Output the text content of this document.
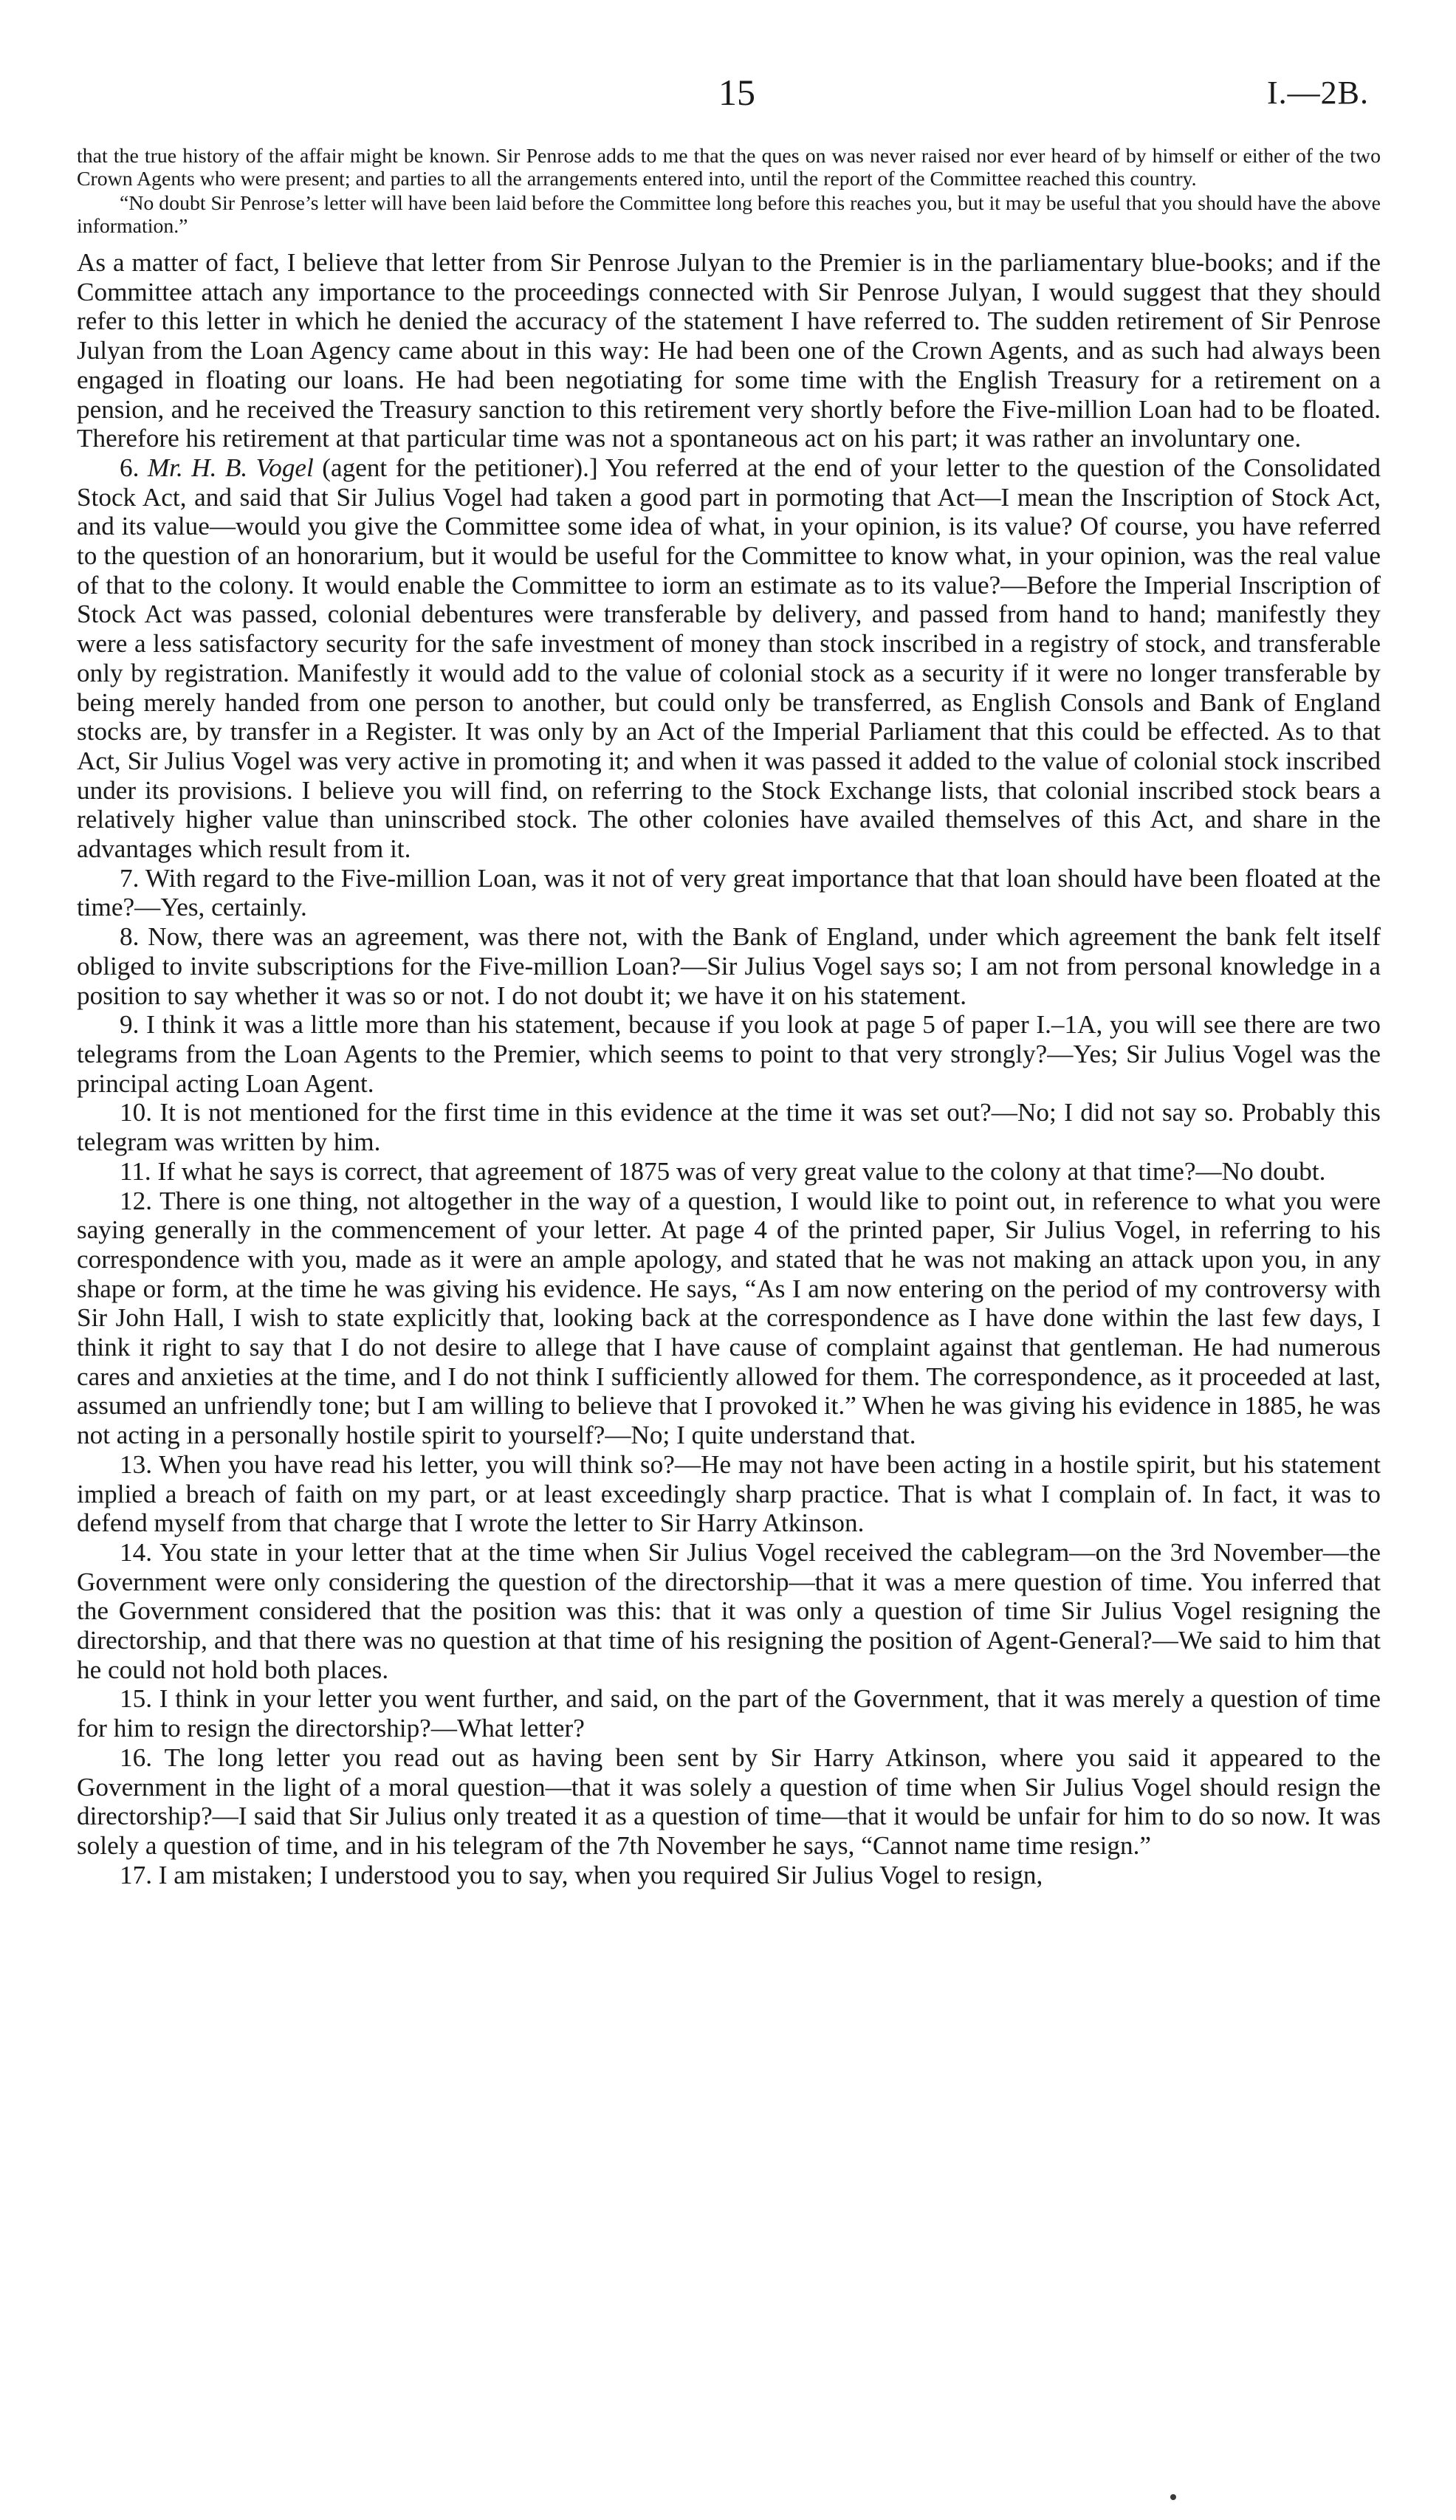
15	I.—2B.

that the true history of the affair might be known. Sir Penrose adds to me that the ques on was never raised nor ever heard of by himself or either of the two Crown Agents who were present; and parties to all the arrangements entered into, until the report of the Committee reached this country.

“No doubt Sir Penrose’s letter will have been laid before the Committee long before this reaches you, but it may be useful that you should have the above information.”

As a matter of fact, I believe that letter from Sir Penrose Julyan to the Premier is in the parliamentary blue-books; and if the Committee attach any importance to the proceedings connected with Sir Penrose Julyan, I would suggest that they should refer to this letter in which he denied the accuracy of the statement I have referred to. The sudden retirement of Sir Penrose Julyan from the Loan Agency came about in this way: He had been one of the Crown Agents, and as such had always been engaged in floating our loans. He had been negotiating for some time with the English Treasury for a retirement on a pension, and he received the Treasury sanction to this retirement very shortly before the Five-million Loan had to be floated. Therefore his retirement at that particular time was not a spontaneous act on his part; it was rather an involuntary one.

6. Mr. H. B. Vogel (agent for the petitioner).] You referred at the end of your letter to the question of the Consolidated Stock Act, and said that Sir Julius Vogel had taken a good part in pormoting that Act—I mean the Inscription of Stock Act, and its value—would you give the Committee some idea of what, in your opinion, is its value? Of course, you have referred to the question of an honorarium, but it would be useful for the Committee to know what, in your opinion, was the real value of that to the colony. It would enable the Committee to iorm an estimate as to its value?—Before the Imperial Inscription of Stock Act was passed, colonial debentures were transferable by delivery, and passed from hand to hand; manifestly they were a less satisfactory security for the safe investment of money than stock inscribed in a registry of stock, and transferable only by registration. Manifestly it would add to the value of colonial stock as a security if it were no longer transferable by being merely handed from one person to another, but could only be transferred, as English Consols and Bank of England stocks are, by transfer in a Register. It was only by an Act of the Imperial Parliament that this could be effected. As to that Act, Sir Julius Vogel was very active in promoting it; and when it was passed it added to the value of colonial stock inscribed under its provisions. I believe you will find, on referring to the Stock Exchange lists, that colonial inscribed stock bears a relatively higher value than uninscribed stock. The other colonies have availed themselves of this Act, and share in the advantages which result from it.

7. With regard to the Five-million Loan, was it not of very great importance that that loan should have been floated at the time?—Yes, certainly.

8. Now, there was an agreement, was there not, with the Bank of England, under which agreement the bank felt itself obliged to invite subscriptions for the Five-million Loan?—Sir Julius Vogel says so; I am not from personal knowledge in a position to say whether it was so or not. I do not doubt it; we have it on his statement.

9. I think it was a little more than his statement, because if you look at page 5 of paper I.–1A, you will see there are two telegrams from the Loan Agents to the Premier, which seems to point to that very strongly?—Yes; Sir Julius Vogel was the principal acting Loan Agent.

10. It is not mentioned for the first time in this evidence at the time it was set out?—No; I did not say so. Probably this telegram was written by him.

11. If what he says is correct, that agreement of 1875 was of very great value to the colony at that time?—No doubt.

12. There is one thing, not altogether in the way of a question, I would like to point out, in reference to what you were saying generally in the commencement of your letter. At page 4 of the printed paper, Sir Julius Vogel, in referring to his correspondence with you, made as it were an ample apology, and stated that he was not making an attack upon you, in any shape or form, at the time he was giving his evidence. He says, “As I am now entering on the period of my controversy with Sir John Hall, I wish to state explicitly that, looking back at the correspondence as I have done within the last few days, I think it right to say that I do not desire to allege that I have cause of complaint against that gentleman. He had numerous cares and anxieties at the time, and I do not think I sufficiently allowed for them. The correspondence, as it proceeded at last, assumed an unfriendly tone; but I am willing to believe that I provoked it.” When he was giving his evidence in 1885, he was not acting in a personally hostile spirit to yourself?—No; I quite understand that.

13. When you have read his letter, you will think so?—He may not have been acting in a hostile spirit, but his statement implied a breach of faith on my part, or at least exceedingly sharp practice. That is what I complain of. In fact, it was to defend myself from that charge that I wrote the letter to Sir Harry Atkinson.

14. You state in your letter that at the time when Sir Julius Vogel received the cablegram—on the 3rd November—the Government were only considering the question of the directorship—that it was a mere question of time. You inferred that the Government considered that the position was this: that it was only a question of time Sir Julius Vogel resigning the directorship, and that there was no question at that time of his resigning the position of Agent-General?—We said to him that he could not hold both places.

15. I think in your letter you went further, and said, on the part of the Government, that it was merely a question of time for him to resign the directorship?—What letter?

16. The long letter you read out as having been sent by Sir Harry Atkinson, where you said it appeared to the Government in the light of a moral question—that it was solely a question of time when Sir Julius Vogel should resign the directorship?—I said that Sir Julius only treated it as a question of time—that it would be unfair for him to do so now. It was solely a question of time, and in his telegram of the 7th November he says, “Cannot name time resign.”

17. I am mistaken; I understood you to say, when you required Sir Julius Vogel to resign,
